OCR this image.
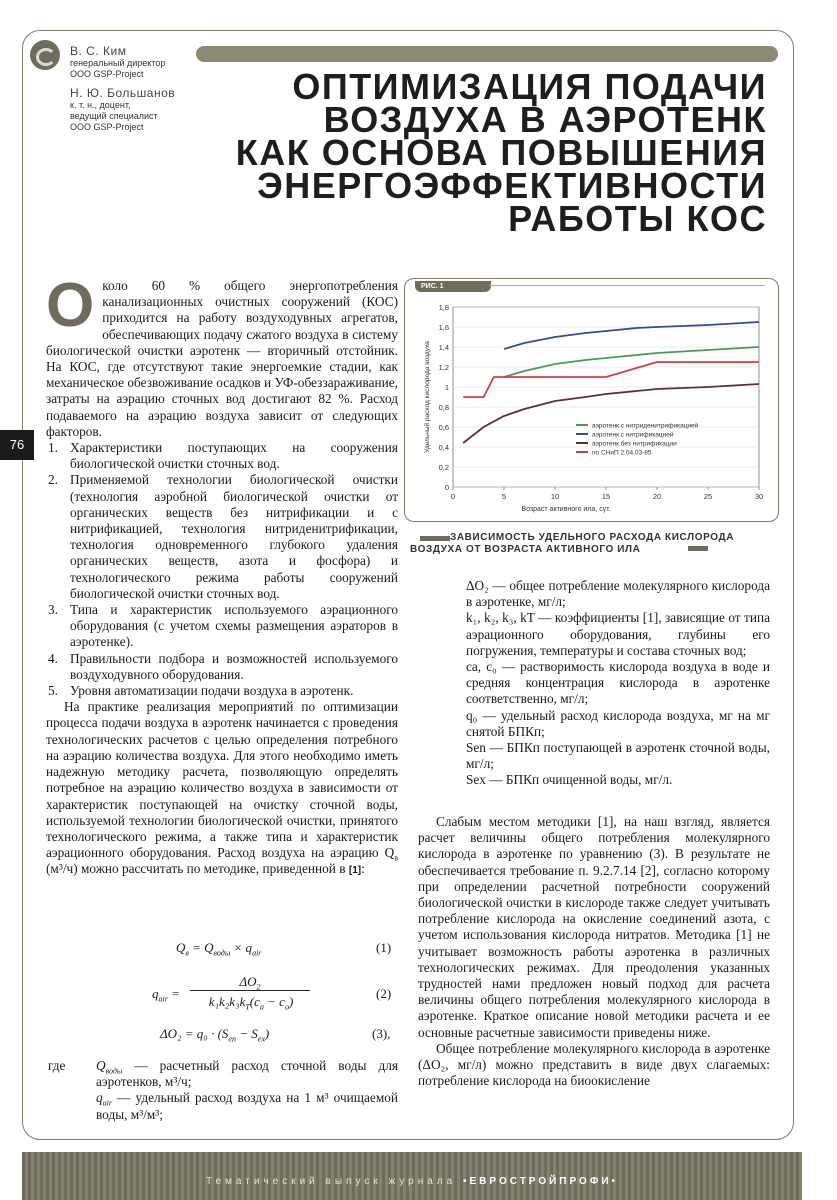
В. С. Ким
генеральный директор
ООО GSP-Project
Н. Ю. Большанов
к. т. н., доцент,
ведущий специалист
ООО GSP-Project
ОПТИМИЗАЦИЯ ПОДАЧИ
ВОЗДУХА В АЭРОТЕНК
КАК ОСНОВА ПОВЫШЕНИЯ
ЭНЕРГОЭФФЕКТИВНОСТИ
РАБОТЫ КОС
76

Около 60 % общего энергопотребления канализационных очистных сооружений (КОС) приходится на работу воздуходувных агрегатов, обеспечивающих подачу сжатого воздуха в систему биологической очистки аэротенк — вторичный отстойник. На КОС, где отсутствуют такие энергоемкие стадии, как механическое обезвоживание осадков и УФ-обеззараживание, затраты на аэрацию сточных вод достигают 82 %. Расход подаваемого на аэрацию воздуха зависит от следующих факторов.

1. Характеристики поступающих на сооружения биологической очистки сточных вод.
2. Применяемой технологии биологической очистки (технология аэробной биологической очистки от органических веществ без нитрификации и с нитрификацией, технология нитриденитрификации, технология одновременного глубокого удаления органических веществ, азота и фосфора) и технологического режима работы сооружений биологической очистки сточных вод.
3. Типа и характеристик используемого аэрационного оборудования (с учетом схемы размещения аэраторов в аэротенке).
4. Правильности подбора и возможностей используемого воздуходувного оборудования.
5. Уровня автоматизации подачи воздуха в аэротенк.

На практике реализация мероприятий по оптимизации процесса подачи воздуха в аэротенк начинается с проведения технологических расчетов с целью определения потребного на аэрацию количества воздуха. Для этого необходимо иметь надежную методику расчета, позволяющую определять потребное на аэрацию количество воздуха в зависимости от характеристик поступающей на очистку сточной воды, используемой технологии биологической очистки, принятого технологического режима, а также типа и характеристик аэрационного оборудования. Расход воздуха на аэрацию $Q_в$ (м³/ч) можно рассчитать по методике, приведенной в [1]:

$Q_в = Q_{воды} \times q_{air}$	(1)
$q_{air}$ =
$\Delta O_2$
$k_1k_2k_3k_T(c_a - c_o)$
(2)
$\Delta O_2 = q_0 \cdot (S_{en} - S_{ex})$	(3),
где $Q_{воды}$ — расчетный расход сточной воды для аэротенков, м³/ч;
$q_{air}$ — удельный расход воздуха на 1 м³ очищаемой воды, м³/м³;
РИС. 1
0
0,2
0,4
0,6
0,8
1
1,2
1,4
1,6
1,8
0	5	10	15	20	25	30
Возраст активного ила, сут.
Удельный расход кислорода воздуха	аэротенк с нитриденитрификацией
аэротенк с нитрификацией
аэротенк без нитрификации
по СНиП 2.04.03-85
ЗАВИСИМОСТЬ УДЕЛЬНОГО РАСХОДА КИСЛОРОДА ВОЗДУХА ОТ ВОЗРАСТА АКТИВНОГО ИЛА
ΔO₂ — общее потребление молекулярного кислорода в аэротенке, мг/л;
k₁, k₂, k₃, kT — коэффициенты [1], зависящие от типа аэрационного оборудования, глубины его погружения, температуры и состава сточных вод;
cа, c₀ — растворимость кислорода воздуха в воде и средняя концентрация кислорода в аэротенке соответственно, мг/л;
q₀ — удельный расход кислорода воздуха, мг на мг снятой БПКп;
Sen — БПКп поступающей в аэротенк сточной воды, мг/л;
Sex — БПКп очищенной воды, мг/л.

Слабым местом методики [1], на наш взгляд, является расчет величины общего потребления молекулярного кислорода в аэротенке по уравнению (3). В результате не обеспечивается требование п. 9.2.7.14 [2], согласно которому при определении расчетной потребности сооружений биологической очистки в кислороде также следует учитывать потребление кислорода на окисление соединений азота, с учетом использования кислорода нитратов. Методика [1] не учитывает возможность работы аэротенка в различных технологических режимах. Для преодоления указанных трудностей нами предложен новый подход для расчета величины общего потребления молекулярного кислорода в аэротенке. Краткое описание новой методики расчета и ее основные расчетные зависимости приведены ниже.

Общее потребление молекулярного кислорода в аэротенке (ΔO₂, мг/л) можно представить в виде двух слагаемых: потребление кислорода на биоокисление

Тематический выпуск журнала •ЕВРОСТРОЙПРОФИ•
